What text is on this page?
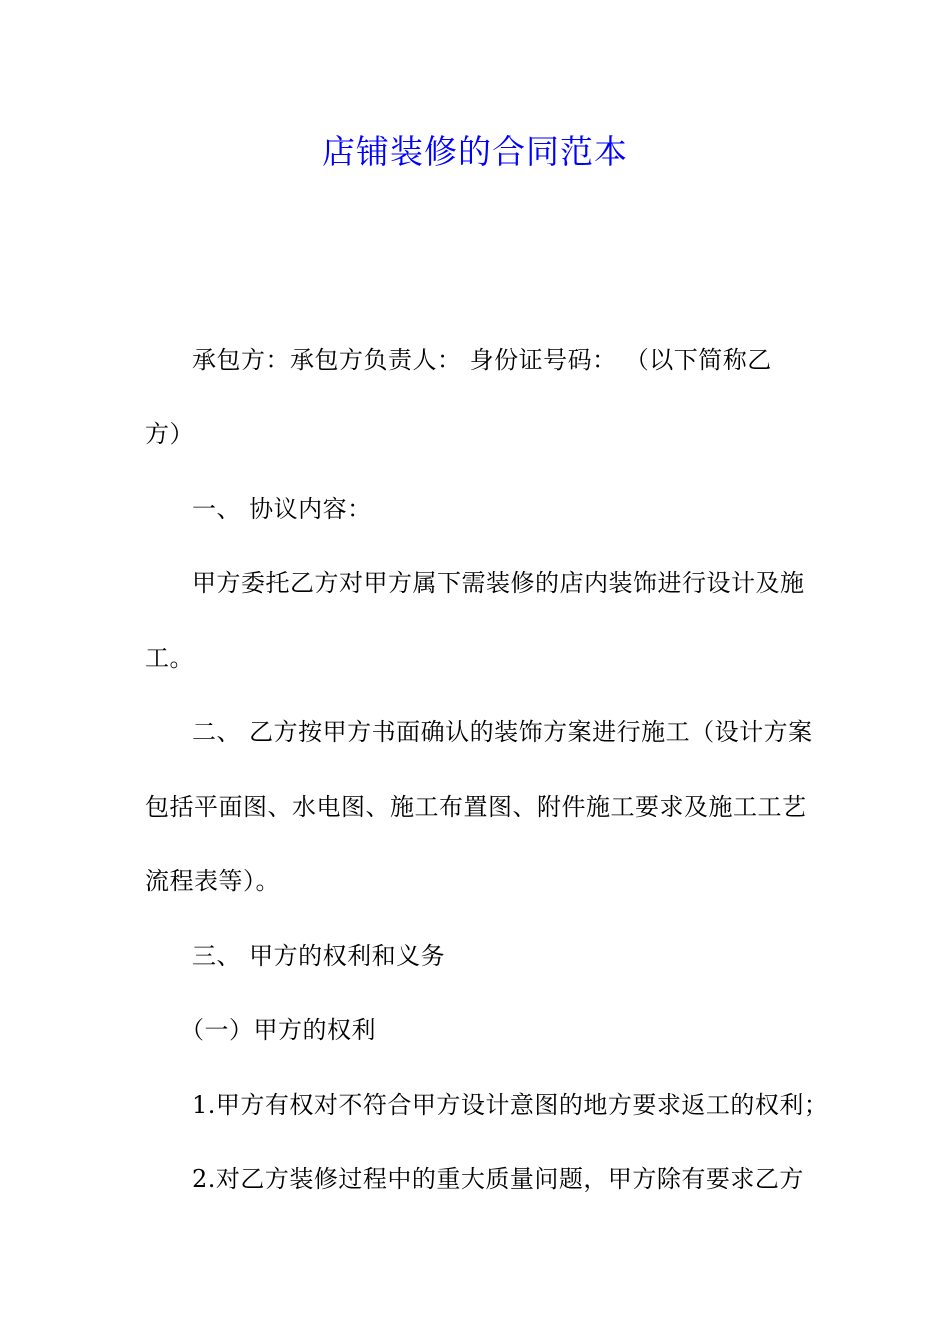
店铺装修的合同范本
承包方：承包方负责人： 身份证号码： （以下简称乙
方）
一、 协议内容：
甲方委托乙方对甲方属下需装修的店内装饰进行设计及施
工。
二、 乙方按甲方书面确认的装饰方案进行施工（设计方案
包括平面图、水电图、施工布置图、附件施工要求及施工工艺
流程表等）。
三、 甲方的权利和义务
（一）甲方的权利
1.甲方有权对不符合甲方设计意图的地方要求返工的权利；
2.对乙方装修过程中的重大质量问题，甲方除有要求乙方
